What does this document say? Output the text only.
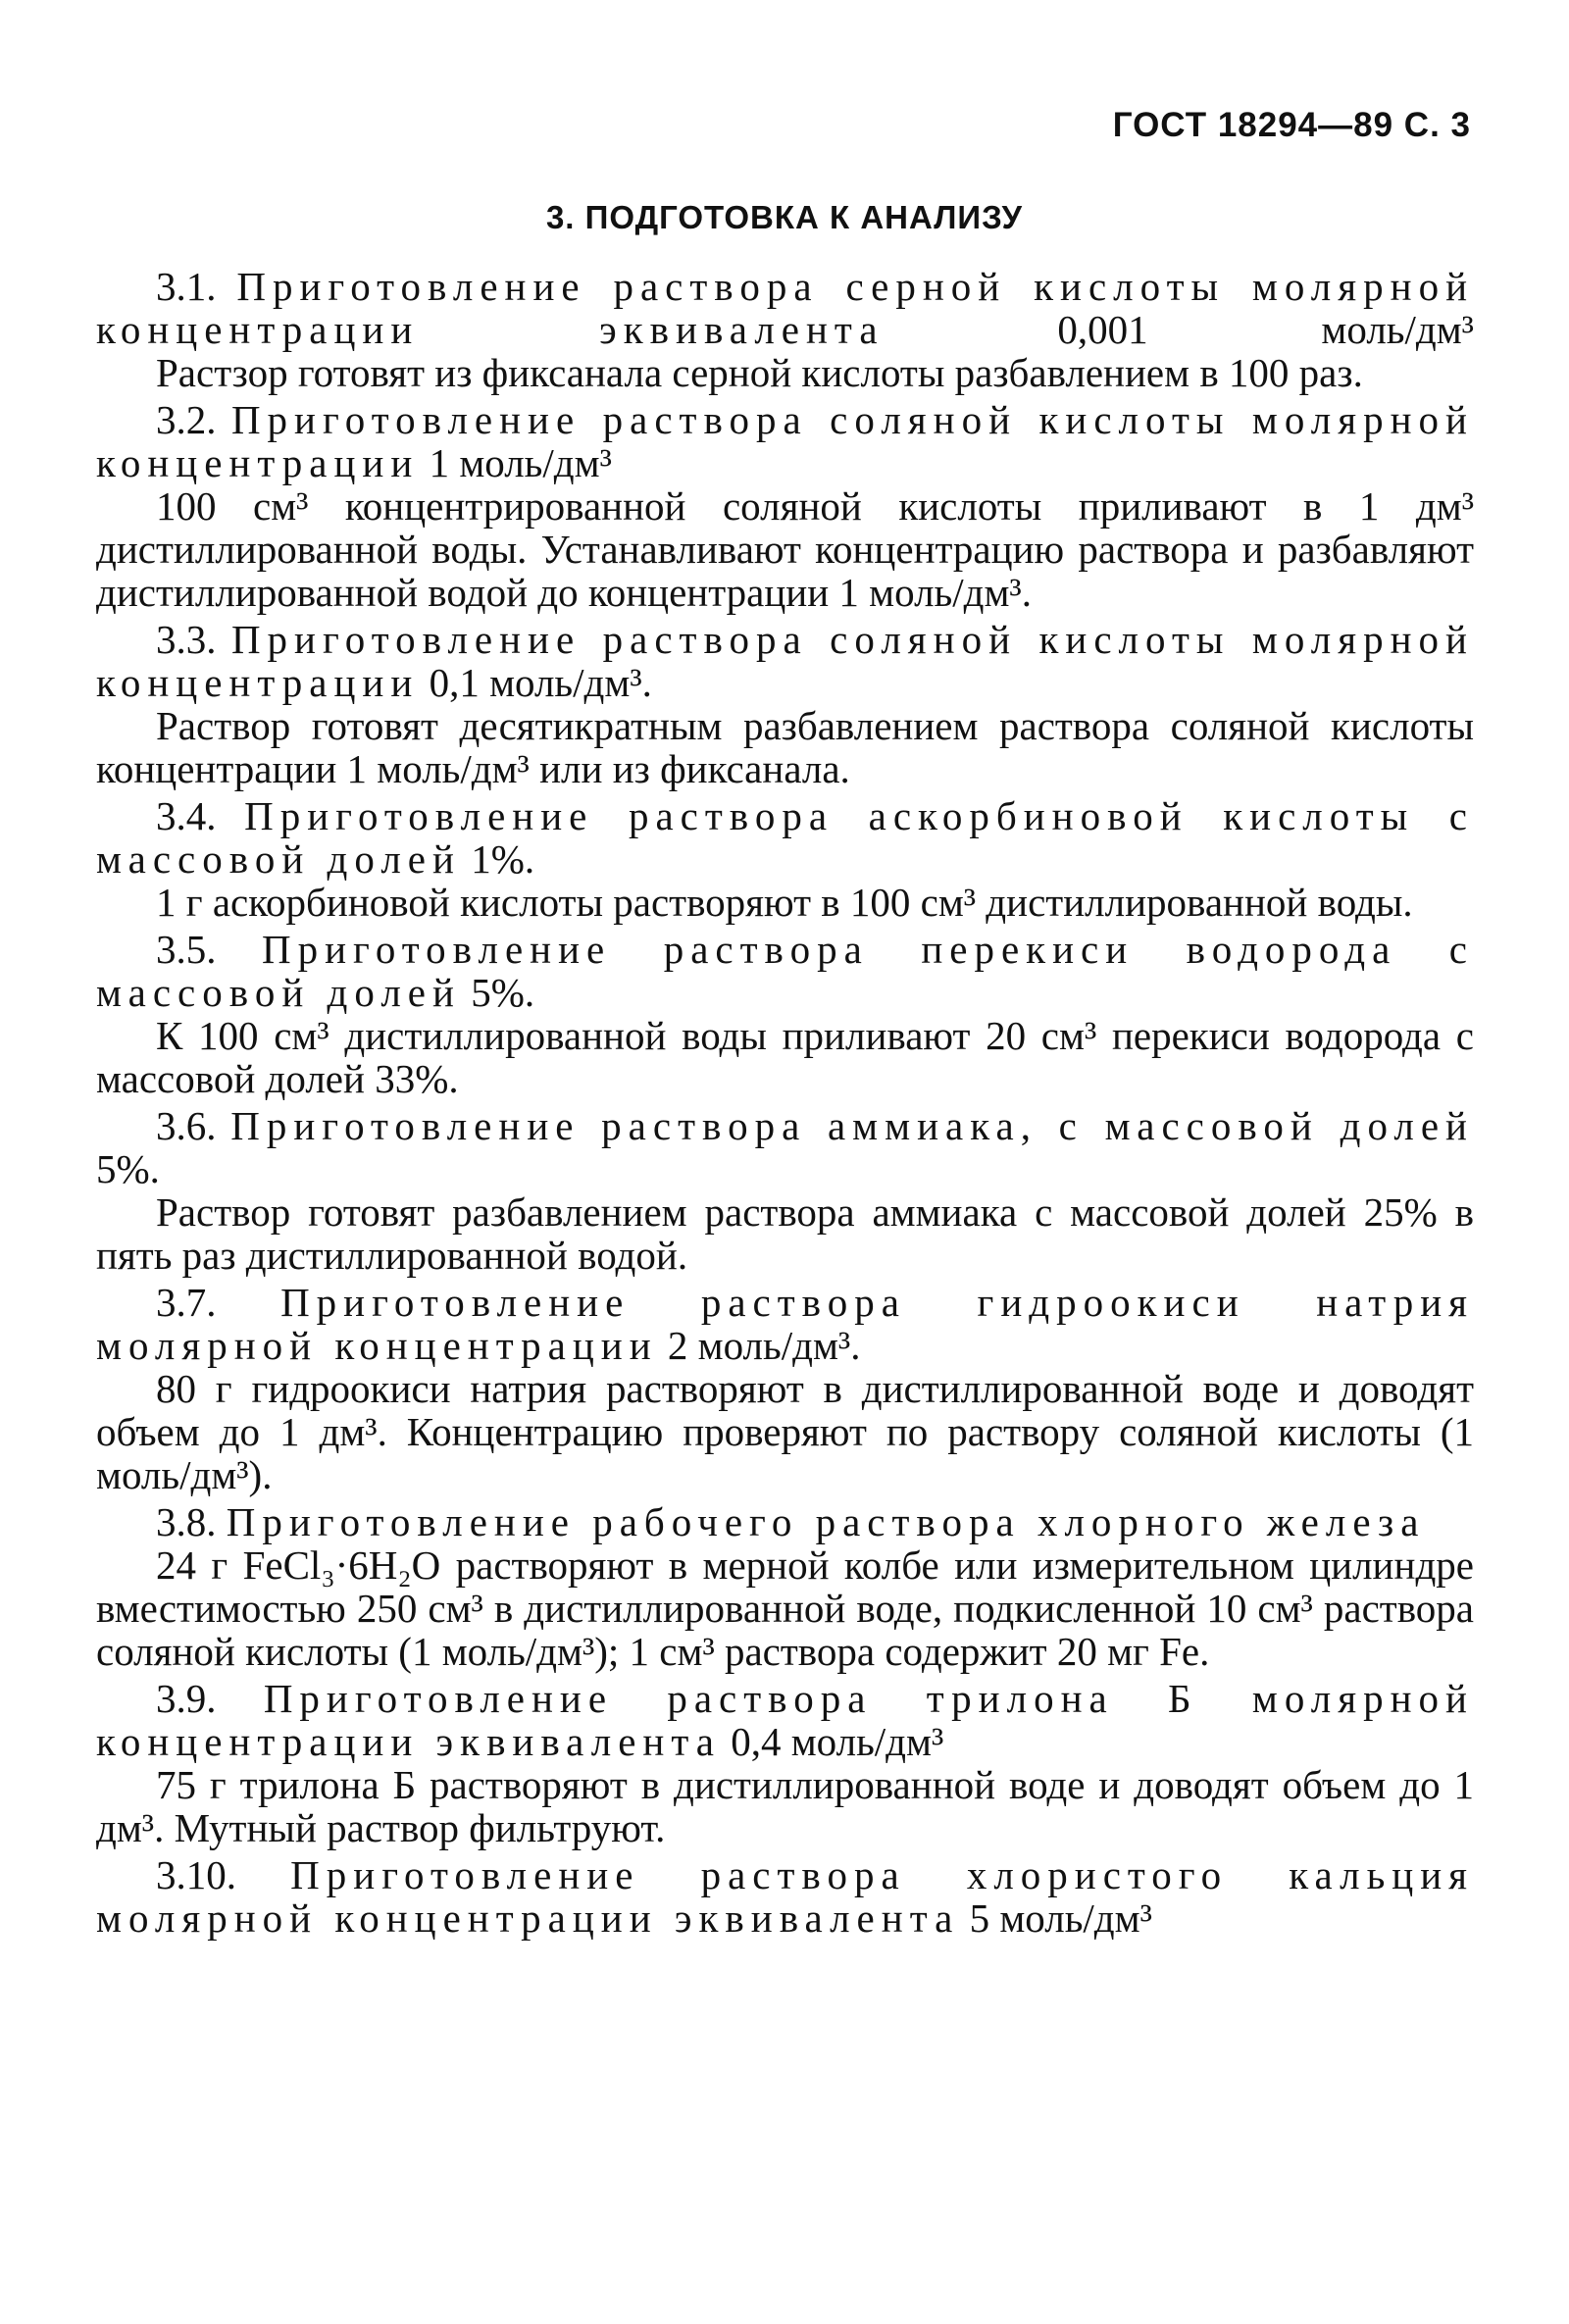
ГОСТ 18294—89 С. 3
3. ПОДГОТОВКА К АНАЛИЗУ
3.1. Приготовление раствора серной кислоты молярной концентрации эквивалента 0,001 моль/дм³
Растзор готовят из фиксанала серной кислоты разбавлением в 100 раз.
3.2. Приготовление раствора соляной кислоты молярной концентрации 1 моль/дм³
100 см³ концентрированной соляной кислоты приливают в 1 дм³ дистиллированной воды. Устанавливают концентрацию раствора и разбавляют дистиллированной водой до концентрации 1 моль/дм³.
3.3. Приготовление раствора соляной кислоты молярной концентрации 0,1 моль/дм³.
Раствор готовят десятикратным разбавлением раствора соляной кислоты концентрации 1 моль/дм³ или из фиксанала.
3.4. Приготовление раствора аскорбиновой кислоты с массовой долей 1%.
1 г аскорбиновой кислоты растворяют в 100 см³ дистиллированной воды.
3.5. Приготовление раствора перекиси водорода с массовой долей 5%.
К 100 см³ дистиллированной воды приливают 20 см³ перекиси водорода с массовой долей 33%.
3.6. Приготовление раствора аммиака, с массовой долей 5%.
Раствор готовят разбавлением раствора аммиака с массовой долей 25% в пять раз дистиллированной водой.
3.7. Приготовление раствора гидроокиси натрия молярной концентрации 2 моль/дм³.
80 г гидроокиси натрия растворяют в дистиллированной воде и доводят объем до 1 дм³. Концентрацию проверяют по раствору соляной кислоты (1 моль/дм³).
3.8. Приготовление рабочего раствора хлорного железа
24 г FeCl₃·6H₂O растворяют в мерной колбе или измерительном цилиндре вместимостью 250 см³ в дистиллированной воде, подкисленной 10 см³ раствора соляной кислоты (1 моль/дм³); 1 см³ раствора содержит 20 мг Fe.
3.9. Приготовление раствора трилона Б молярной концентрации эквивалента 0,4 моль/дм³
75 г трилона Б растворяют в дистиллированной воде и доводят объем до 1 дм³. Мутный раствор фильтруют.
3.10. Приготовление раствора хлористого кальция молярной концентрации эквивалента 5 моль/дм³
